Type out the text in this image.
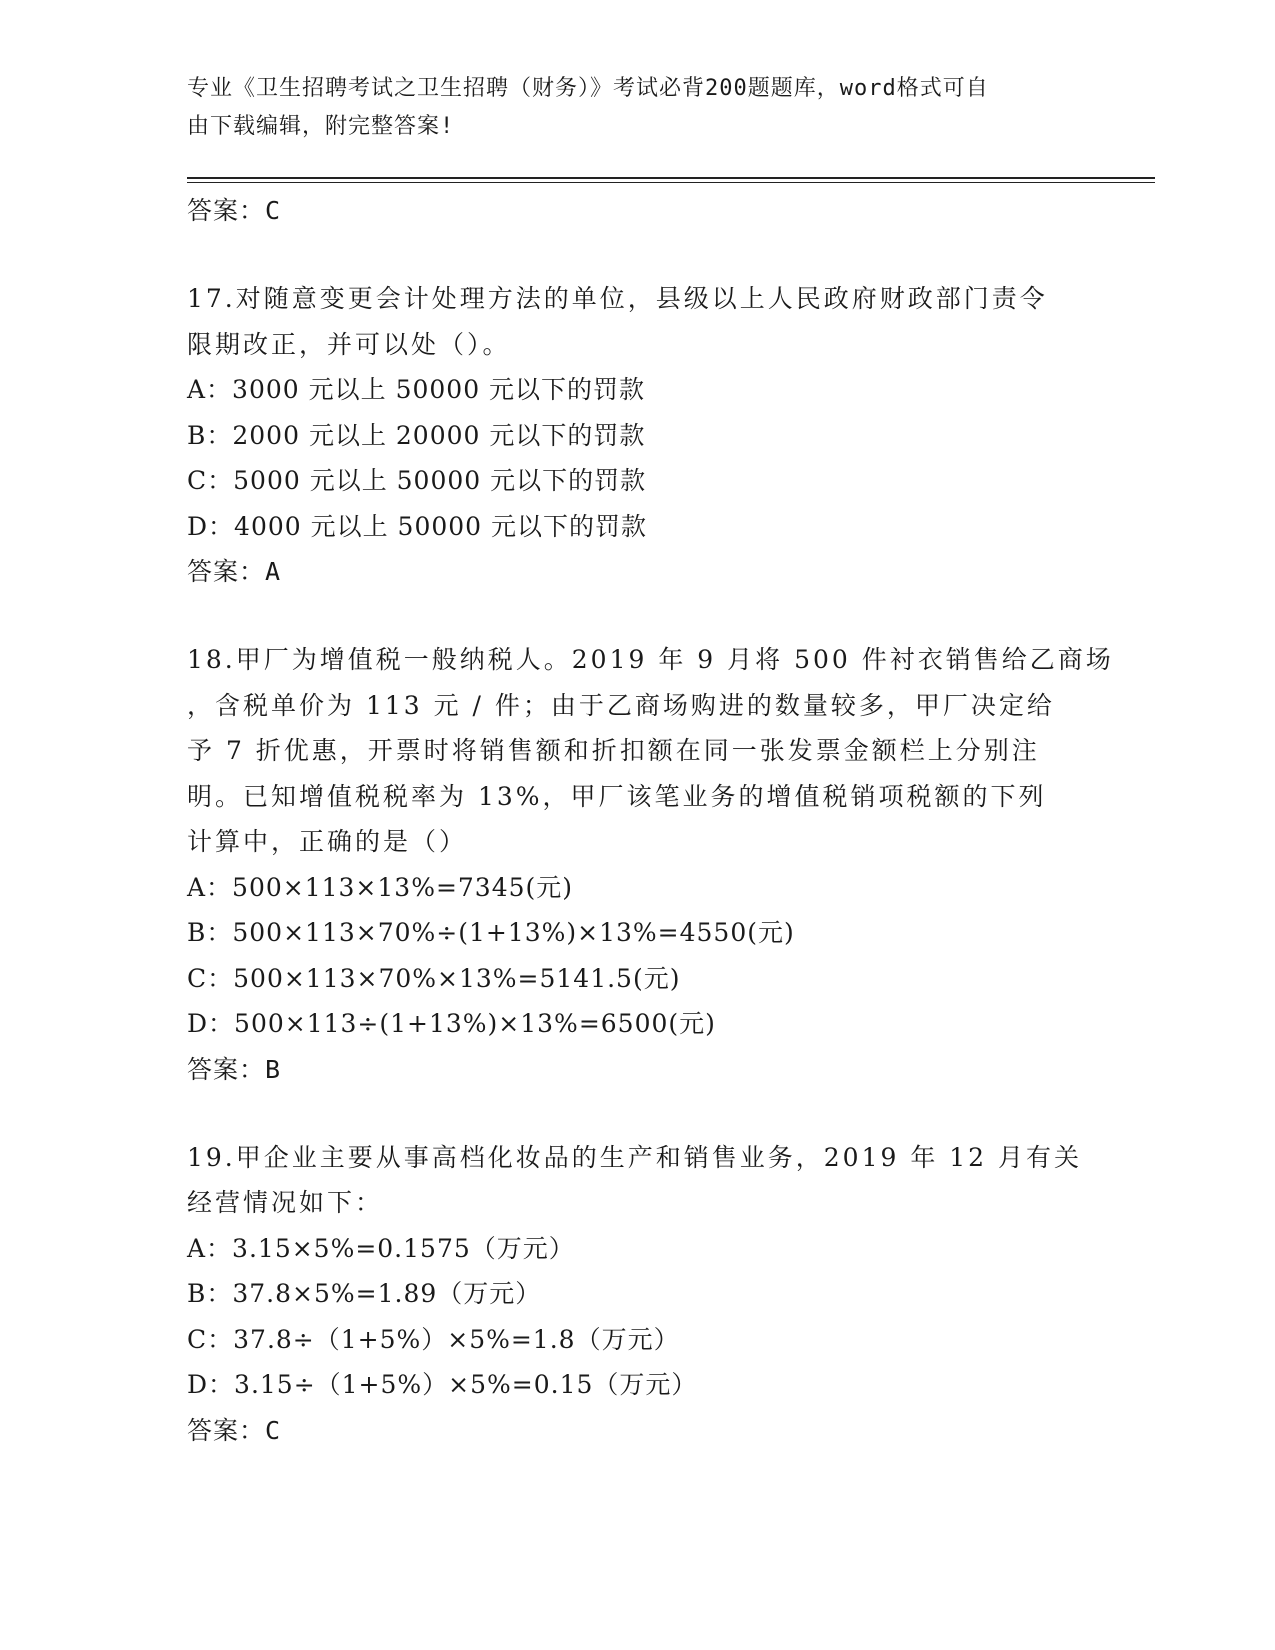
专业《卫生招聘考试之卫生招聘（财务）》考试必背200题题库，word格式可自
由下载编辑，附完整答案!
答案：C
17.对随意变更会计处理方法的单位，县级以上人民政府财政部门责令
限期改正，并可以处（）。
A：3000 元以上 50000 元以下的罚款
B：2000 元以上 20000 元以下的罚款
C：5000 元以上 50000 元以下的罚款
D：4000 元以上 50000 元以下的罚款
答案：A
18.甲厂为增值税一般纳税人。2019 年 9 月将 500 件衬衣销售给乙商场
，含税单价为 113 元 / 件；由于乙商场购进的数量较多，甲厂决定给
予 7 折优惠，开票时将销售额和折扣额在同一张发票金额栏上分别注
明。已知增值税税率为 13%，甲厂该笔业务的增值税销项税额的下列
计算中，正确的是（）
A：500×113×13%=7345(元)
B：500×113×70%÷(1+13%)×13%=4550(元)
C：500×113×70%×13%=5141.5(元)
D：500×113÷(1+13%)×13%=6500(元)
答案：B
19.甲企业主要从事高档化妆品的生产和销售业务，2019 年 12 月有关
经营情况如下：
A：3.15×5%=0.1575（万元）
B：37.8×5%=1.89（万元）
C：37.8÷（1+5%）×5%=1.8（万元）
D：3.15÷（1+5%）×5%=0.15（万元）
答案：C
